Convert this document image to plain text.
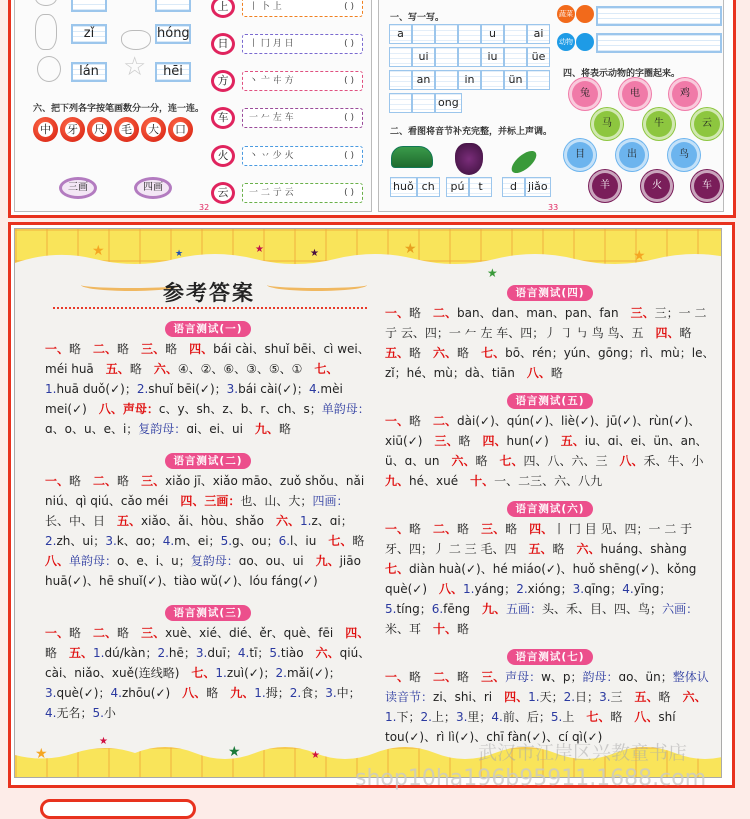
☆
zǐ	hóng
lán	hēi
六、把下列各字按笔画数分一分，连一连。
中	牙	尺	毛	大	口
三画	四画
上	丨 卜 上	( )
日	丨 冂 月 日	( )
方	丶 亠 㐄 方	( )
车	一 𠂉 左 车	( )
火	丶 丷 少 火	( )
云	一 二 亍 云	( )
32
一、写一写。
a	u	ai
ui	iu	üe
an	in	ün
ong
二、看图将音节补充完整，并标上声调。
huǒ ch	pú	t	d	jiǎo
蔬菜
动物
四、将表示动物的字圈起来。
兔	电	鸡
马	牛	云
目	出	鸟
羊	火	车
33
★	★	★	★	★
★
★
★
★
★	★
参考答案
语言测试(一)
一、略　二、略　三、略　四、bái cài、shuǐ bēi、cì wei、méi huā　五、略　六、④、②、⑥、③、⑤、①　七、1.huā duǒ(✓)；2.shuǐ bēi(✓)；3.bái cài(✓)；4.mèi mei(✓)　八、声母：c、y、sh、z、b、r、ch、s；单韵母：ɑ、o、u、e、i；复韵母：ɑi、ei、ui　九、略
语言测试(二)
一、略　二、略　三、xiǎo jī、xiǎo māo、zuǒ shǒu、nǎi niú、qì qiú、cǎo méi　四、三画：也、山、大；四画：长、中、日　五、xiǎo、ǎi、hòu、shǎo　六、1.z、ɑi；2.zh、ui；3.k、ɑo；4.m、ei；5.g、ou；6.l、iu　七、略　八、单韵母：o、e、i、u；复韵母：ɑo、ou、ui　九、jiāo huā(✓)、hē shuǐ(✓)、tiào wǔ(✓)、lóu fáng(✓)
语言测试(三)
一、略　二、略　三、xuè、xié、dié、ěr、què、fēi　四、略　五、1.dú/kàn；2.hē；3.duī；4.tī；5.tiào　六、qiú、cài、niǎo、xuě(连线略)　七、1.zuì(✓)；2.mǎi(✓)；3.què(✓)；4.zhōu(✓)　八、略　九、1.拇；2.食；3.中；4.无名；5.小
语言测试(四)
一、略　二、ban、dan、man、pan、fan　三、三；一 二 亍 云、四；一 𠂉 左 车、四；丿 ㇆ ㇉ 鸟 鸟、五　四、略　五、略　六、略　七、bō、rén；yún、gōng；rì、mù；le、zǐ；hé、mù；dà、tiān　八、略
语言测试(五)
一、略　二、dài(✓)、qún(✓)、liè(✓)、jū(✓)、rùn(✓)、xiū(✓)　三、略　四、hun(✓)　五、iu、ɑi、ei、ün、an、ü、ɑ、un　六、略　七、四、八、六、三　八、禾、牛、小　九、hé、xué　十、一、二三、六、八九
语言测试(六)
一、略　二、略　三、略　四、丨 冂 目 见、四；一 二 于 牙、四；丿 二 三 毛、四　五、略　六、huáng、shàng　七、diàn huà(✓)、hé miáo(✓)、huǒ shēng(✓)、kǒng què(✓)　八、1.yáng；2.xióng；3.qīng；4.yīng；5.tíng；6.fēng　九、五画：头、禾、目、四、鸟；六画：米、耳　十、略
语言测试(七)
一、略　二、略　三、声母：w、p；韵母：ɑo、ün；整体认读音节：zi、shi、ri　四、1.天；2.日；3.三　五、略　六、1.下；2.上；3.里；4.前、后；5.上　七、略　八、shí tou(✓)、rì lì(✓)、chī fàn(✓)、cí qì(✓)
武汉市江岸区兴教童书店
shop10ha196b95911.1688.com
